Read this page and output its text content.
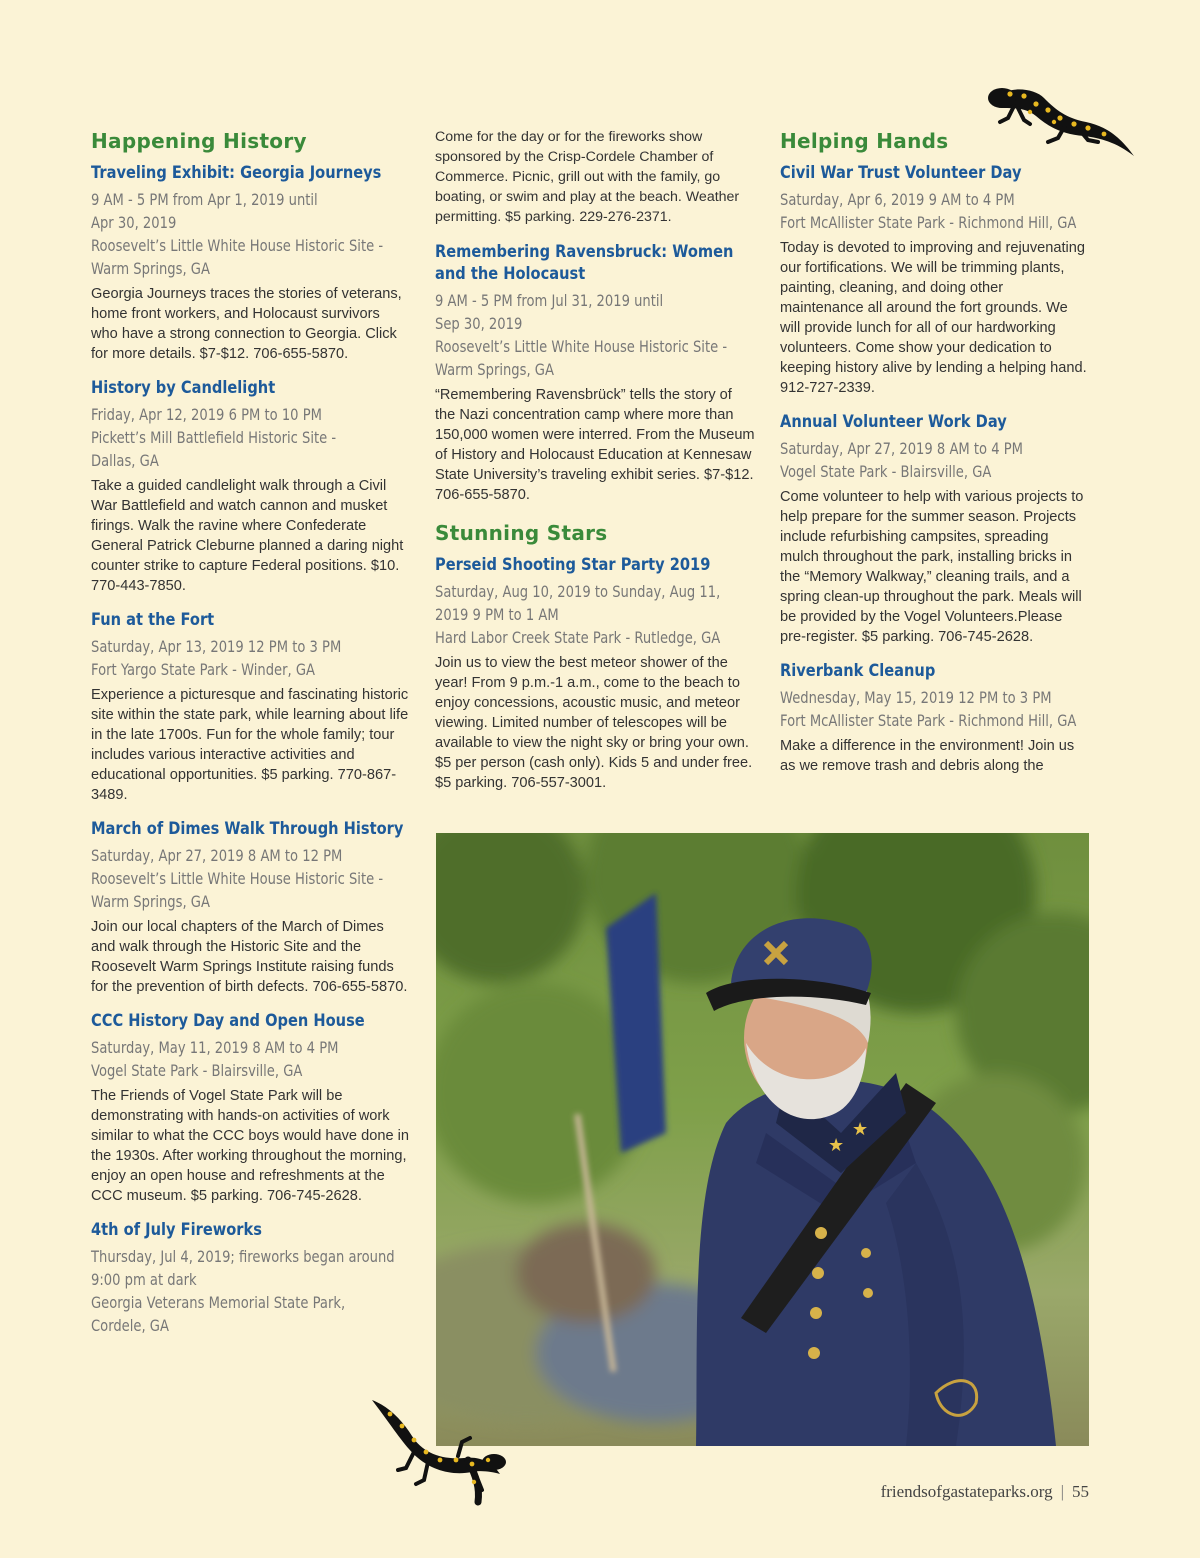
Happening History
Traveling Exhibit: Georgia Journeys
9 AM - 5 PM from Apr 1, 2019 until
Apr 30, 2019
Roosevelt’s Little White House Historic Site -
Warm Springs, GA

Georgia Journeys traces the stories of veterans, home front workers, and Holocaust survivors who have a strong connection to Georgia. Click for more details. $7-$12. 706-655-5870.

History by Candlelight
Friday, Apr 12, 2019 6 PM to 10 PM
Pickett’s Mill Battlefield Historic Site -
Dallas, GA

Take a guided candlelight walk through a Civil War Battlefield and watch cannon and musket firings. Walk the ravine where Confederate General Patrick Cleburne planned a daring night counter strike to capture Federal positions. $10. 770-443-7850.

Fun at the Fort
Saturday, Apr 13, 2019 12 PM to 3 PM
Fort Yargo State Park - Winder, GA

Experience a picturesque and fascinating historic site within the state park, while learning about life in the late 1700s. Fun for the whole family; tour includes various interactive activities and educational opportunities. $5 parking. 770-867-3489.

March of Dimes Walk Through History
Saturday, Apr 27, 2019 8 AM to 12 PM
Roosevelt’s Little White House Historic Site -
Warm Springs, GA

Join our local chapters of the March of Dimes and walk through the Historic Site and the Roosevelt Warm Springs Institute raising funds for the prevention of birth defects. 706-655-5870.

CCC History Day and Open House
Saturday, May 11, 2019 8 AM to 4 PM
Vogel State Park - Blairsville, GA

The Friends of Vogel State Park will be demonstrating with hands-on activities of work similar to what the CCC boys would have done in the 1930s. After working throughout the morning, enjoy an open house and refreshments at the CCC museum. $5 parking. 706-745-2628.

4th of July Fireworks
Thursday, Jul 4, 2019; fireworks began around
9:00 pm at dark
Georgia Veterans Memorial State Park,
Cordele, GA

Come for the day or for the fireworks show sponsored by the Crisp-Cordele Chamber of Commerce. Picnic, grill out with the family, go boating, or swim and play at the beach. Weather permitting. $5 parking. 229-276-2371.

Remembering Ravensbruck: Women and the Holocaust
9 AM - 5 PM from Jul 31, 2019 until
Sep 30, 2019
Roosevelt’s Little White House Historic Site -
Warm Springs, GA

“Remembering Ravensbrück” tells the story of the Nazi concentration camp where more than 150,000 women were interred. From the Museum of History and Holocaust Education at Kennesaw State University’s traveling exhibit series. $7-$12. 706-655-5870.

Stunning Stars
Perseid Shooting Star Party 2019
Saturday, Aug 10, 2019 to Sunday, Aug 11,
2019 9 PM to 1 AM
Hard Labor Creek State Park - Rutledge, GA

Join us to view the best meteor shower of the year! From 9 p.m.-1 a.m., come to the beach to enjoy concessions, acoustic music, and meteor viewing. Limited number of telescopes will be available to view the night sky or bring your own. $5 per person (cash only). Kids 5 and under free. $5 parking. 706-557-3001.

Helping Hands
Civil War Trust Volunteer Day
Saturday, Apr 6, 2019 9 AM to 4 PM
Fort McAllister State Park - Richmond Hill, GA

Today is devoted to improving and rejuvenating our fortifications. We will be trimming plants, painting, cleaning, and doing other maintenance all around the fort grounds. We will provide lunch for all of our hardworking volunteers. Come show your dedication to keeping history alive by lending a helping hand. 912-727-2339.

Annual Volunteer Work Day
Saturday, Apr 27, 2019 8 AM to 4 PM
Vogel State Park - Blairsville, GA

Come volunteer to help with various projects to help prepare for the summer season. Projects include refurbishing campsites, spreading mulch throughout the park, installing bricks in the “Memory Walkway,” cleaning trails, and a spring clean-up throughout the park. Meals will be provided by the Vogel Volunteers.Please pre-register. $5 parking. 706-745-2628.

Riverbank Cleanup
Wednesday, May 15, 2019 12 PM to 3 PM
Fort McAllister State Park - Richmond Hill, GA

Make a difference in the environment! Join us as we remove trash and debris along the

★
★
friendsofgastateparks.org | 55
